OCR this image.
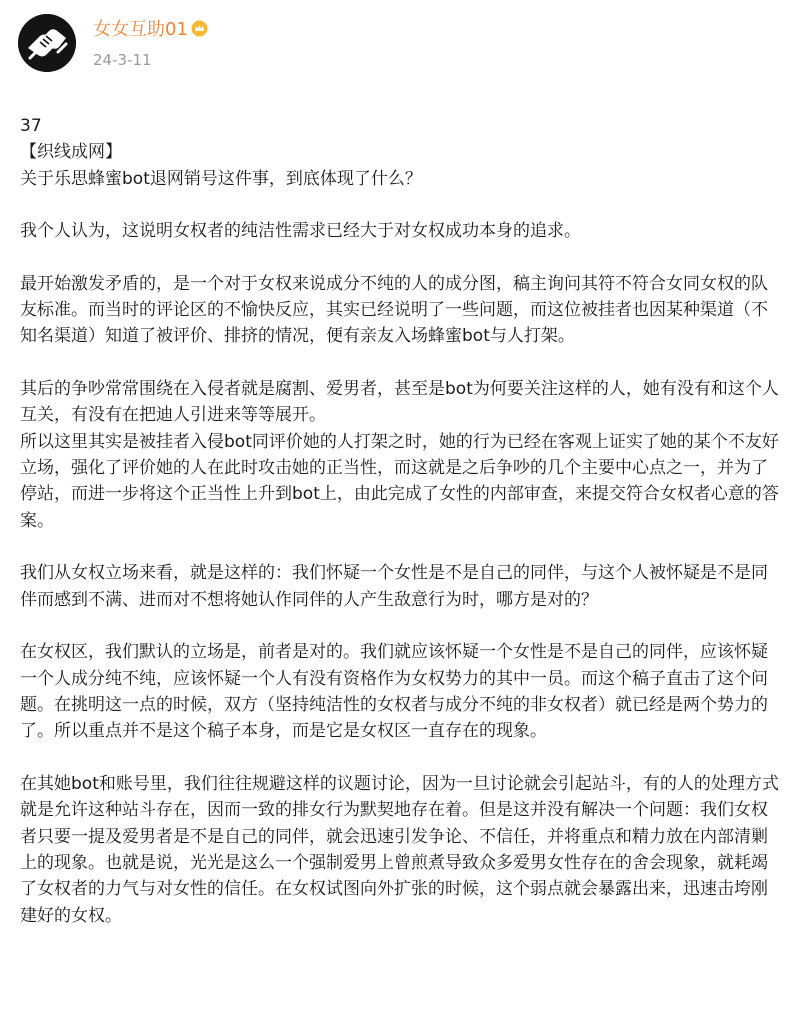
女女互助01
24-3-11

37
【织线成网】
关于乐思蜂蜜bot退网销号这件事，到底体现了什么？

我个人认为，这说明女权者的纯洁性需求已经大于对女权成功本身的追求。

最开始激发矛盾的，是一个对于女权来说成分不纯的人的成分图，稿主询问其符不符合女同女权的队友标准。而当时的评论区的不愉快反应，其实已经说明了一些问题，而这位被挂者也因某种渠道（不知名渠道）知道了被评价、排挤的情况，便有亲友入场蜂蜜bot与人打架。

其后的争吵常常围绕在入侵者就是腐割、爱男者，甚至是bot为何要关注这样的人，她有没有和这个人互关，有没有在把迪人引进来等等展开。

所以这里其实是被挂者入侵bot同评价她的人打架之时，她的行为已经在客观上证实了她的某个不友好立场，强化了评价她的人在此时攻击她的正当性，而这就是之后争吵的几个主要中心点之一，并为了停站，而进一步将这个正当性上升到bot上，由此完成了女性的内部审查，来提交符合女权者心意的答案。

我们从女权立场来看，就是这样的：我们怀疑一个女性是不是自己的同伴，与这个人被怀疑是不是同伴而感到不满、进而对不想将她认作同伴的人产生敌意行为时，哪方是对的？

在女权区，我们默认的立场是，前者是对的。我们就应该怀疑一个女性是不是自己的同伴，应该怀疑一个人成分纯不纯，应该怀疑一个人有没有资格作为女权势力的其中一员。而这个稿子直击了这个问题。在挑明这一点的时候，双方（坚持纯洁性的女权者与成分不纯的非女权者）就已经是两个势力的了。所以重点并不是这个稿子本身，而是它是女权区一直存在的现象。

在其她bot和账号里，我们往往规避这样的议题讨论，因为一旦讨论就会引起站斗，有的人的处理方式就是允许这种站斗存在，因而一致的排女行为默契地存在着。但是这并没有解决一个问题：我们女权者只要一提及爱男者是不是自己的同伴，就会迅速引发争论、不信任，并将重点和精力放在内部清剿上的现象。也就是说，光光是这么一个强制爱男上曾煎煮导致众多爱男女性存在的舍会现象，就耗竭了女权者的力气与对女性的信任。在女权试图向外扩张的时候，这个弱点就会暴露出来，迅速击垮刚建好的女权。
